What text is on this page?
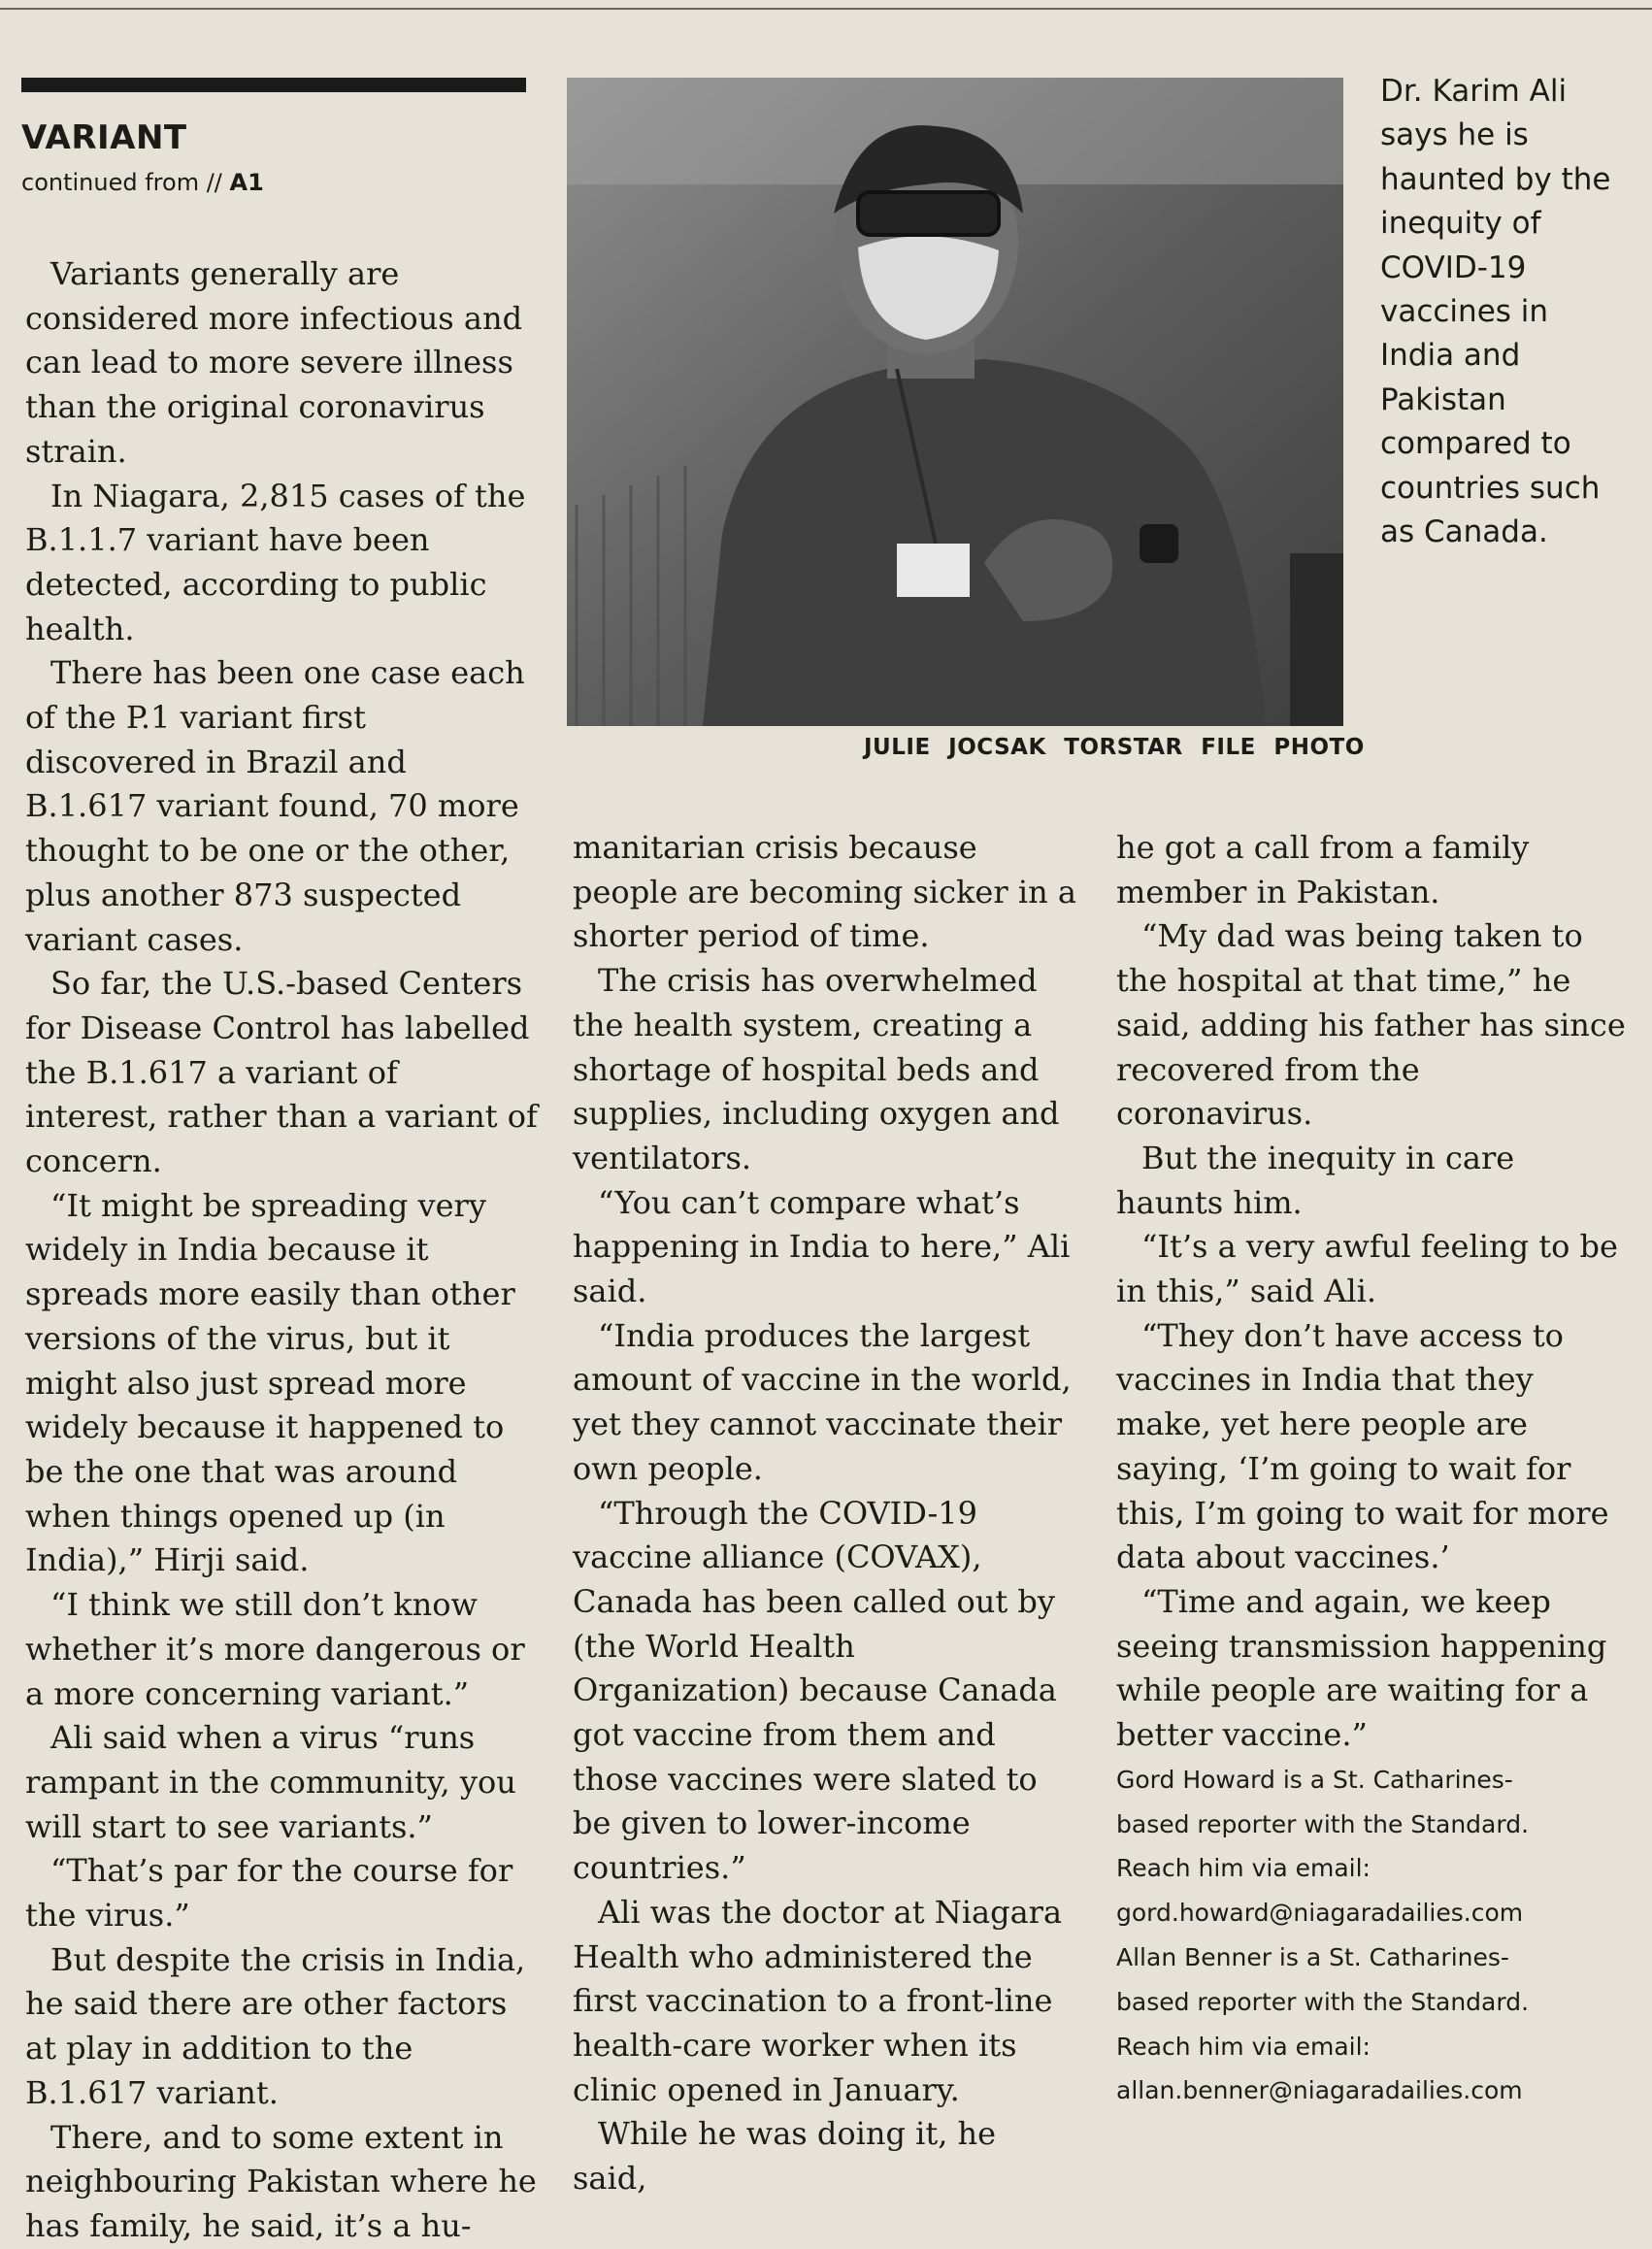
VARIANT
continued from // A1
Dr. Karim Ali says he is haunted by the inequity of COVID-19 vaccines in India and Pakistan compared to countries such as Canada.
JULIE JOCSAK TORSTAR FILE PHOTO

Variants generally are considered more infectious and can lead to more severe illness than the original coronavirus strain.

In Niagara, 2,815 cases of the B.1.1.7 variant have been detected, according to public health.

There has been one case each of the P.1 variant first discovered in Brazil and B.1.617 variant found, 70 more thought to be one or the other, plus another 873 suspected variant cases.

So far, the U.S.-based Centers for Disease Control has labelled the B.1.617 a variant of interest, rather than a variant of concern.

“It might be spreading very widely in India because it spreads more easily than other versions of the virus, but it might also just spread more widely because it happened to be the one that was around when things opened up (in India),” Hirji said.

“I think we still don’t know whether it’s more dangerous or a more concerning variant.”

Ali said when a virus “runs rampant in the community, you will start to see variants.”

“That’s par for the course for the virus.”

But despite the crisis in India, he said there are other factors at play in addition to the B.1.617 variant.

There, and to some extent in neighbouring Pakistan where he has family, he said, it’s a hu-

manitarian crisis because people are becoming sicker in a shorter period of time.

The crisis has overwhelmed the health system, creating a shortage of hospital beds and supplies, including oxygen and ventilators.

“You can’t compare what’s happening in India to here,” Ali said.

“India produces the largest amount of vaccine in the world, yet they cannot vaccinate their own people.

“Through the COVID-19 vaccine alliance (COVAX), Canada has been called out by (the World Health Organization) because Canada got vaccine from them and those vaccines were slated to be given to lower-income countries.”

Ali was the doctor at Niagara Health who administered the first vaccination to a front-line health-care worker when its clinic opened in January.

While he was doing it, he said,

he got a call from a family member in Pakistan.

“My dad was being taken to the hospital at that time,” he said, adding his father has since recovered from the coronavirus.

But the inequity in care haunts him.

“It’s a very awful feeling to be in this,” said Ali.

“They don’t have access to vaccines in India that they make, yet here people are saying, ‘I’m going to wait for this, I’m going to wait for more data about vaccines.’

“Time and again, we keep seeing transmission happening while people are waiting for a better vaccine.”

Gord Howard is a St. Catharines-
based reporter with the Standard.
Reach him via email:
gord.howard@niagaradailies.com
Allan Benner is a St. Catharines-
based reporter with the Standard.
Reach him via email:
allan.benner@niagaradailies.com
